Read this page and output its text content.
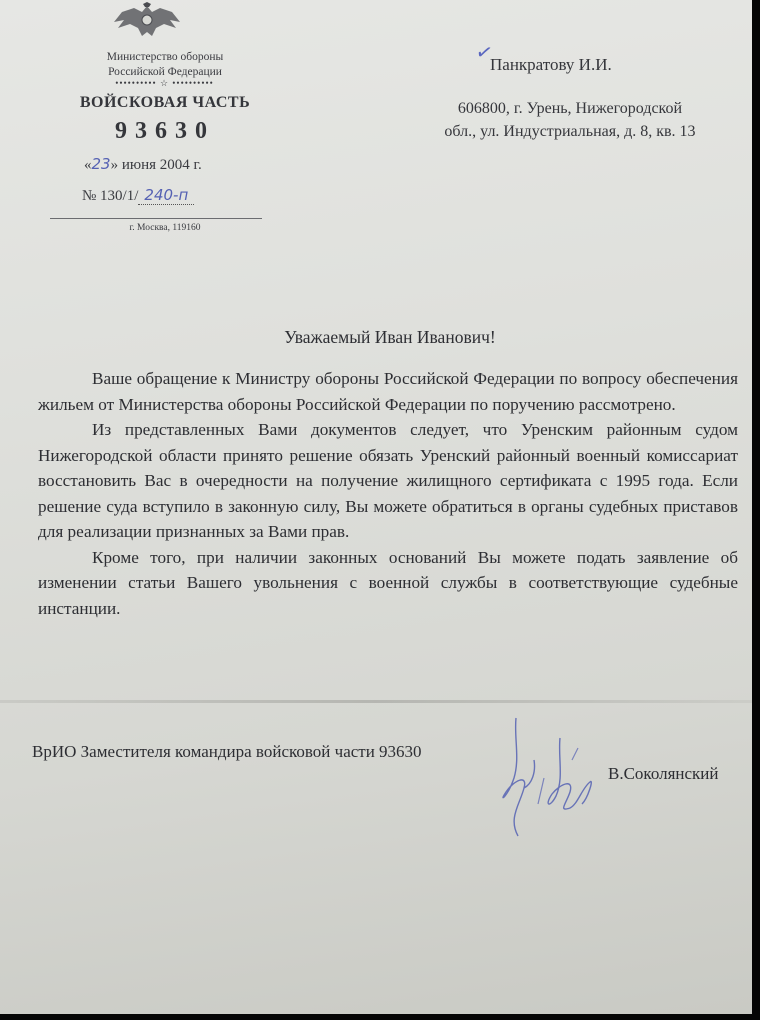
Министерство обороны
Российской Федерации
•••••••••• ☆ ••••••••••
ВОЙСКОВАЯ ЧАСТЬ
93630
«23» июня 2004 г.
№ 130/1/ 240-п
г. Москва, 119160
✓
Панкратову И.И.
606800, г. Урень, Нижегородской
обл., ул. Индустриальная, д. 8, кв. 13
Уважаемый Иван Иванович!

Ваше обращение к Министру обороны Российской Федерации по вопросу обеспечения жильем от Министерства обороны Российской Федерации по поручению рассмотрено.

Из представленных Вами документов следует, что Уренским районным судом Нижегородской области принято решение обязать Уренский районный военный комиссариат восстановить Вас в очередности на получение жилищного сертификата с 1995 года. Если решение суда вступило в законную силу, Вы можете обратиться в органы судебных приставов для реализации признанных за Вами прав.

Кроме того, при наличии законных оснований Вы можете подать заявление об изменении статьи Вашего увольнения с военной службы в соответствующие судебные инстанции.

ВрИО Заместителя командира войсковой части 93630
В.Соколянский
